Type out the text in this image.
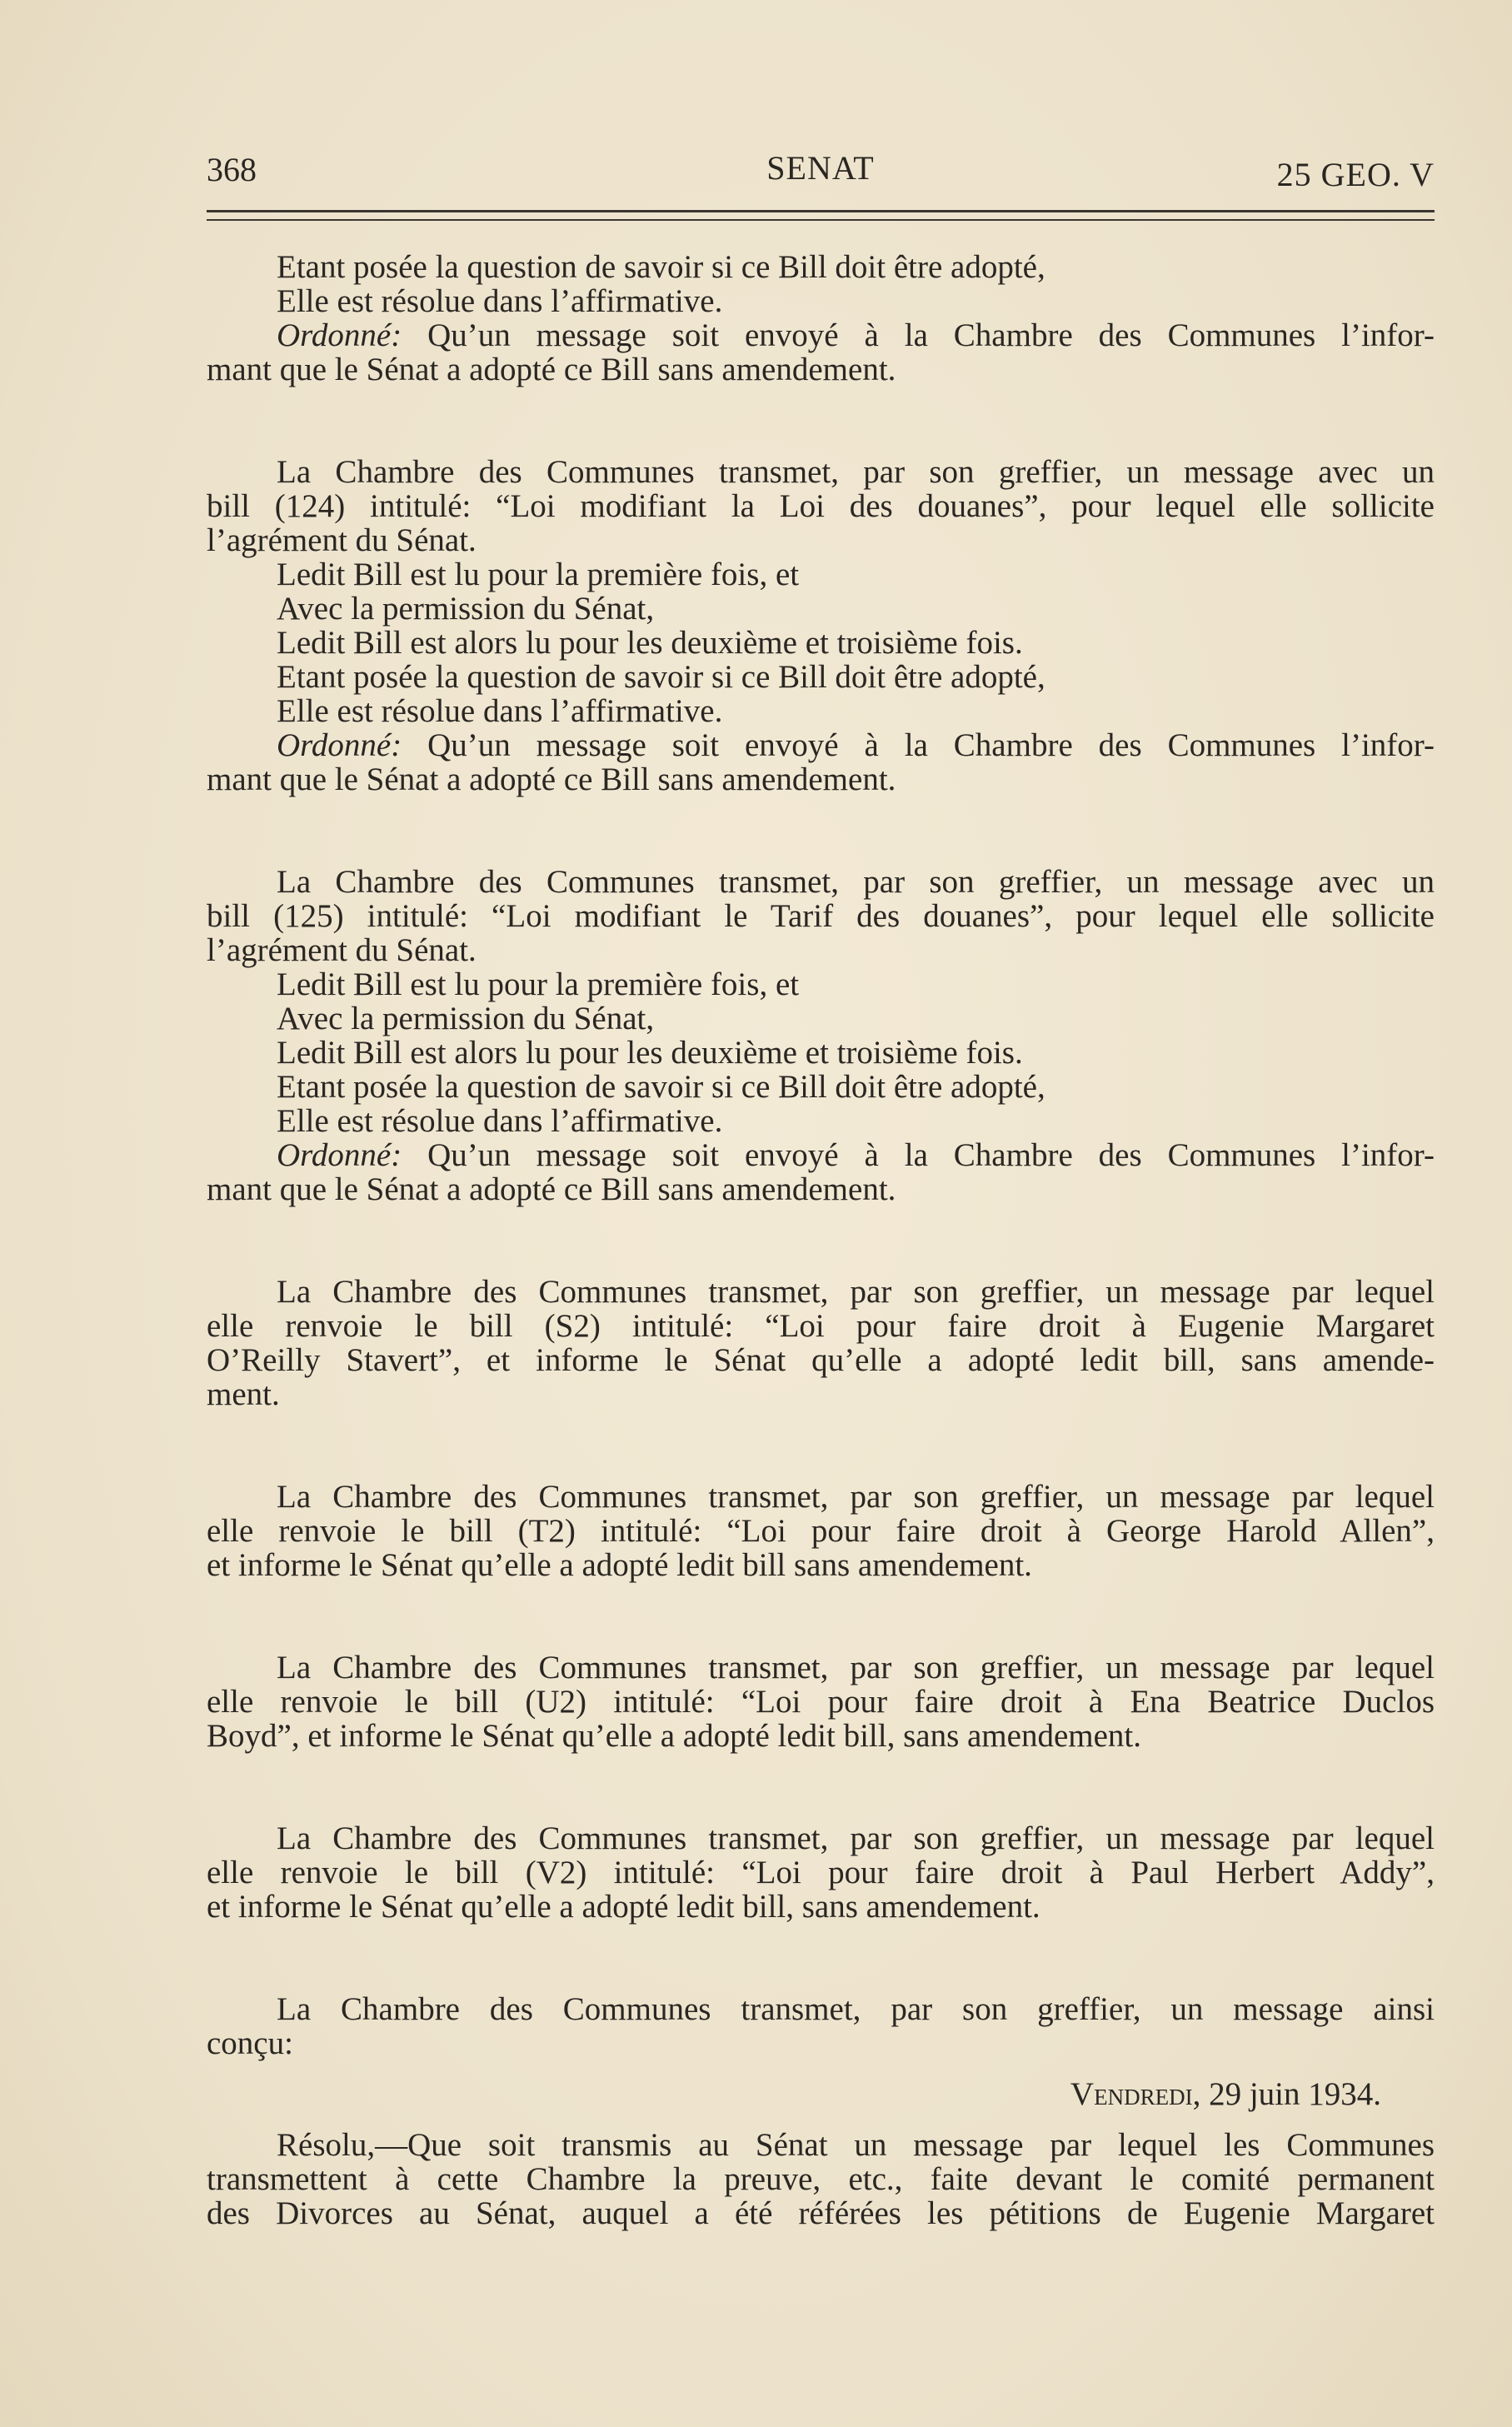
368	SENAT	25 GEO. V

Etant posée la question de savoir si ce Bill doit être adopté,

Elle est résolue dans l’affirmative.

Ordonné: Qu’un message soit envoyé à la Chambre des Communes l’infor-

mant que le Sénat a adopté ce Bill sans amendement.

La Chambre des Communes transmet, par son greffier, un message avec un

bill (124) intitulé: “Loi modifiant la Loi des douanes”, pour lequel elle sollicite

l’agrément du Sénat.

Ledit Bill est lu pour la première fois, et

Avec la permission du Sénat,

Ledit Bill est alors lu pour les deuxième et troisième fois.

Etant posée la question de savoir si ce Bill doit être adopté,

Elle est résolue dans l’affirmative.

Ordonné: Qu’un message soit envoyé à la Chambre des Communes l’infor-

mant que le Sénat a adopté ce Bill sans amendement.

La Chambre des Communes transmet, par son greffier, un message avec un

bill (125) intitulé: “Loi modifiant le Tarif des douanes”, pour lequel elle sollicite

l’agrément du Sénat.

Ledit Bill est lu pour la première fois, et

Avec la permission du Sénat,

Ledit Bill est alors lu pour les deuxième et troisième fois.

Etant posée la question de savoir si ce Bill doit être adopté,

Elle est résolue dans l’affirmative.

Ordonné: Qu’un message soit envoyé à la Chambre des Communes l’infor-

mant que le Sénat a adopté ce Bill sans amendement.

La Chambre des Communes transmet, par son greffier, un message par lequel

elle renvoie le bill (S2) intitulé: “Loi pour faire droit à Eugenie Margaret

O’Reilly Stavert”, et informe le Sénat qu’elle a adopté ledit bill, sans amende-

ment.

La Chambre des Communes transmet, par son greffier, un message par lequel

elle renvoie le bill (T2) intitulé: “Loi pour faire droit à George Harold Allen”,

et informe le Sénat qu’elle a adopté ledit bill sans amendement.

La Chambre des Communes transmet, par son greffier, un message par lequel

elle renvoie le bill (U2) intitulé: “Loi pour faire droit à Ena Beatrice Duclos

Boyd”, et informe le Sénat qu’elle a adopté ledit bill, sans amendement.

La Chambre des Communes transmet, par son greffier, un message par lequel

elle renvoie le bill (V2) intitulé: “Loi pour faire droit à Paul Herbert Addy”,

et informe le Sénat qu’elle a adopté ledit bill, sans amendement.

La Chambre des Communes transmet, par son greffier, un message ainsi

conçu:

Vendredi, 29 juin 1934.

Résolu,—Que soit transmis au Sénat un message par lequel les Communes

transmettent à cette Chambre la preuve, etc., faite devant le comité permanent

des Divorces au Sénat, auquel a été référées les pétitions de Eugenie Margaret
